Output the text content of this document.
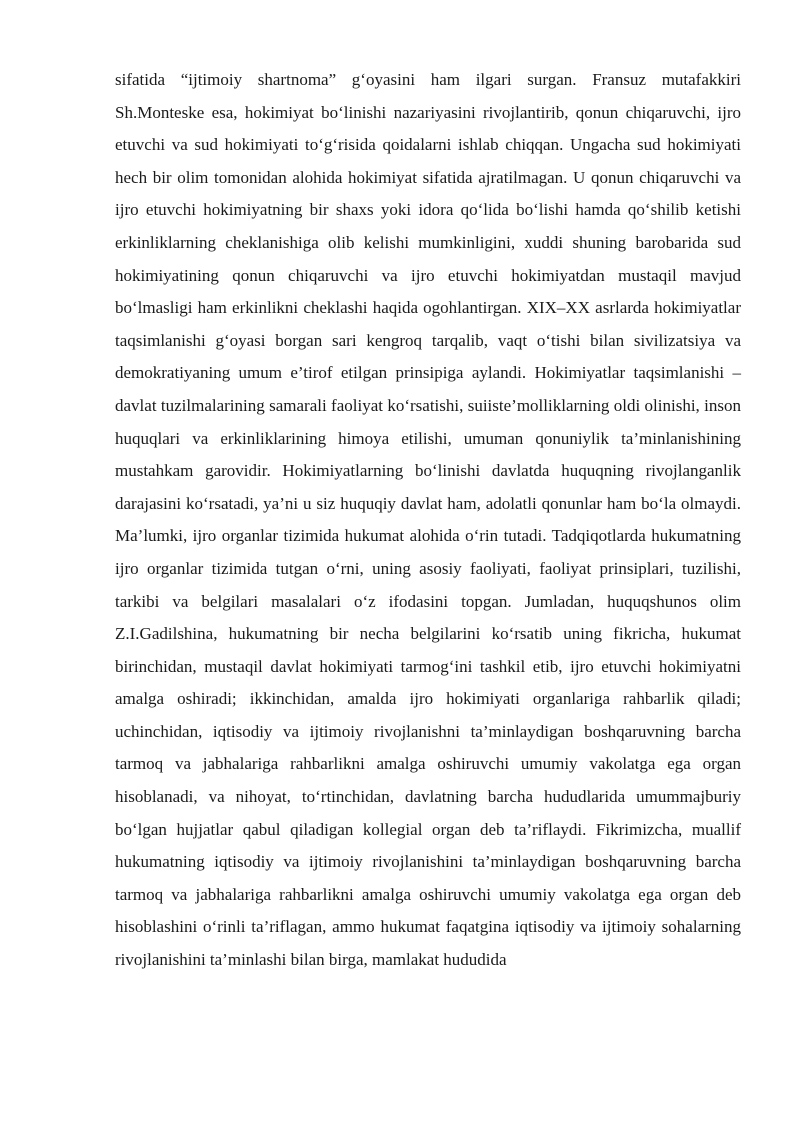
sifatida “ijtimoiy shartnoma” g‘oyasini ham ilgari surgan. Fransuz mutafakkiri Sh.Monteske esa, hokimiyat bo‘linishi nazariyasini rivojlantirib, qonun chiqaruvchi, ijro etuvchi va sud hokimiyati to‘g‘risida qoidalarni ishlab chiqqan. Ungacha sud hokimiyati hech bir olim tomonidan alohida hokimiyat sifatida ajratilmagan. U qonun chiqaruvchi va ijro etuvchi hokimiyatning bir shaxs yoki idora qo‘lida bo‘lishi hamda qo‘shilib ketishi erkinliklarning cheklanishiga olib kelishi mumkinligini, xuddi shuning barobarida sud hokimiyatining qonun chiqaruvchi va ijro etuvchi hokimiyatdan mustaqil mavjud bo‘lmasligi ham erkinlikni cheklashi haqida ogohlantirgan. XIX–XX asrlarda hokimiyatlar taqsimlanishi g‘oyasi borgan sari kengroq tarqalib, vaqt o‘tishi bilan sivilizatsiya va demokratiyaning umum e’tirof etilgan prinsipiga aylandi. Hokimiyatlar taqsimlanishi – davlat tuzilmalarining samarali faoliyat ko‘rsatishi, suiiste’molliklarning oldi olinishi, inson huquqlari va erkinliklarining himoya etilishi, umuman qonuniylik ta’minlanishining mustahkam garovidir. Hokimiyatlarning bo‘linishi davlatda huquqning rivojlanganlik darajasini ko‘rsatadi, ya’ni u siz huquqiy davlat ham, adolatli qonunlar ham bo‘la olmaydi. Ma’lumki, ijro organlar tizimida hukumat alohida o‘rin tutadi. Tadqiqotlarda hukumatning ijro organlar tizimida tutgan o‘rni, uning asosiy faoliyati, faoliyat prinsiplari, tuzilishi, tarkibi va belgilari masalalari o‘z ifodasini topgan. Jumladan, huquqshunos olim Z.I.Gadilshina, hukumatning bir necha belgilarini ko‘rsatib uning fikricha, hukumat birinchidan, mustaqil davlat hokimiyati tarmog‘ini tashkil etib, ijro etuvchi hokimiyatni amalga oshiradi; ikkinchidan, amalda ijro hokimiyati organlariga rahbarlik qiladi; uchinchidan, iqtisodiy va ijtimoiy rivojlanishni ta’minlaydigan boshqaruvning barcha tarmoq va jabhalariga rahbarlikni amalga oshiruvchi umumiy vakolatga ega organ hisoblanadi, va nihoyat, to‘rtinchidan, davlatning barcha hududlarida umummajburiy bo‘lgan hujjatlar qabul qiladigan kollegial organ deb ta’riflaydi. Fikrimizcha, muallif hukumatning iqtisodiy va ijtimoiy rivojlanishini ta’minlaydigan boshqaruvning barcha tarmoq va jabhalariga rahbarlikni amalga oshiruvchi umumiy vakolatga ega organ deb hisoblashini o‘rinli ta’riflagan, ammo hukumat faqatgina iqtisodiy va ijtimoiy sohalarning rivojlanishini ta’minlashi bilan birga, mamlakat hududida
